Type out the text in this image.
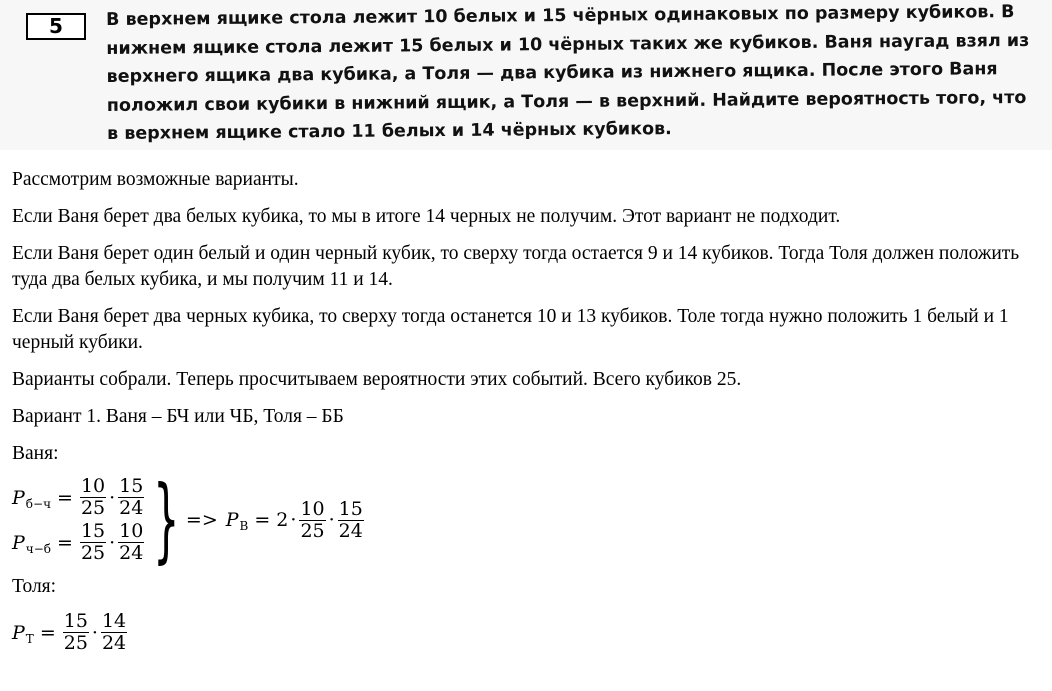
5	В верхнем ящике стола лежит 10 белых и 15 чёрных одинаковых по размеру кубиков. В нижнем ящике стола лежит 15 белых и 10 чёрных таких же кубиков. Ваня наугад взял из верхнего ящика два кубика, а Толя — два кубика из нижнего ящика. После этого Ваня положил свои кубики в нижний ящик, а Толя — в верхний. Найдите вероятность того, что в верхнем ящике стало 11 белых и 14 чёрных кубиков.

Рассмотрим возможные варианты.

Если Ваня берет два белых кубика, то мы в итоге 14 черных не получим. Этот вариант не подходит.

Если Ваня берет один белый и один черный кубик, то сверху тогда остается 9 и 14 кубиков. Тогда Толя должен положить туда два белых кубика, и мы получим 11 и 14.

Если Ваня берет два черных кубика, то сверху тогда останется 10 и 13 кубиков. Толе тогда нужно положить 1 белый и 1 черный кубики.

Варианты собрали. Теперь просчитываем вероятности этих событий. Всего кубиков 25.

Вариант 1. Ваня – БЧ или ЧБ, Толя – ББ

Ваня:

P $б-ч = \frac{10}{25} \cdot \frac{15}{24}$
P $ч-б = \frac{15}{25} \cdot \frac{10}{24}$ } => P $В = 2 \cdot \frac{10}{25} \cdot \frac{15}{24}$

Толя:

P $Т = \frac{15}{25} \cdot \frac{14}{24}$
